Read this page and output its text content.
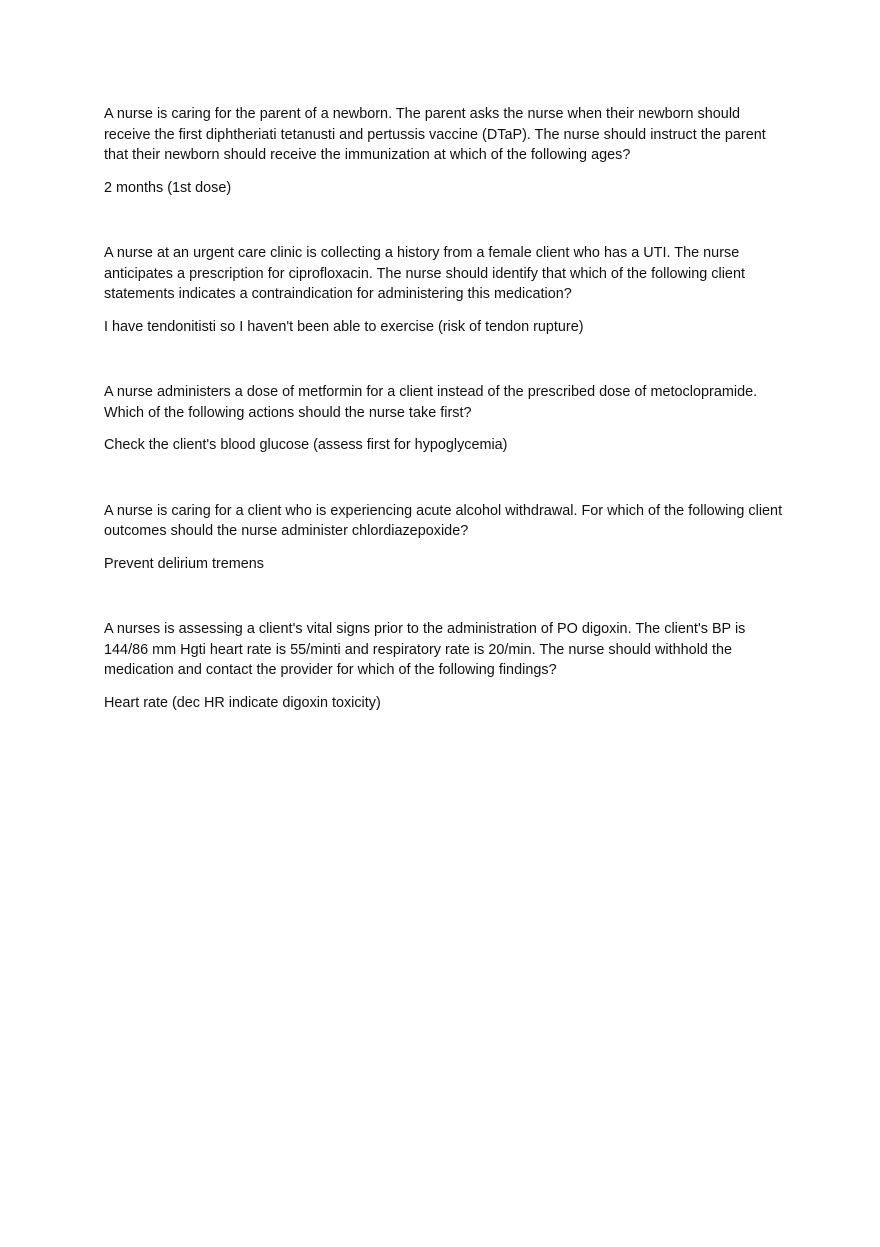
A nurse is caring for the parent of a newborn. The parent asks the nurse when their newborn should receive the first diphtheriati tetanusti and pertussis vaccine (DTaP). The nurse should instruct the parent that their newborn should receive the immunization at which of the following ages?

2 months (1st dose)

A nurse at an urgent care clinic is collecting a history from a female client who has a UTI. The nurse anticipates a prescription for ciprofloxacin. The nurse should identify that which of the following client statements indicates a contraindication for administering this medication?

I have tendonitisti so I haven't been able to exercise (risk of tendon rupture)

A nurse administers a dose of metformin for a client instead of the prescribed dose of metoclopramide. Which of the following actions should the nurse take first?

Check the client's blood glucose (assess first for hypoglycemia)

A nurse is caring for a client who is experiencing acute alcohol withdrawal. For which of the following client outcomes should the nurse administer chlordiazepoxide?

Prevent delirium tremens

A nurses is assessing a client's vital signs prior to the administration of PO digoxin. The client's BP is 144/86 mm Hgti heart rate is 55/minti and respiratory rate is 20/min. The nurse should withhold the medication and contact the provider for which of the following findings?

Heart rate (dec HR indicate digoxin toxicity)
